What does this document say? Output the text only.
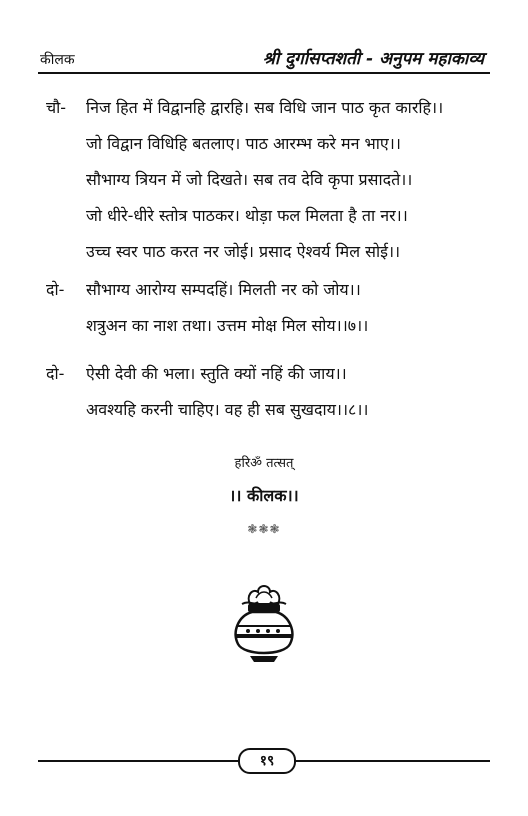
कीलक	श्री दुर्गासप्तशती - अनुपम महाकाव्य
चौ- निज हित में विद्वानहि द्वारहि। सब विधि जान पाठ कृत कारहि।।
जो विद्वान विधिहि बतलाए। पाठ आरम्भ करे मन भाए।।
सौभाग्य त्रियन में जो दिखते। सब तव देवि कृपा प्रसादते।।
जो धीरे-धीरे स्तोत्र पाठकर। थोड़ा फल मिलता है ता नर।।
उच्च स्वर पाठ करत नर जोई। प्रसाद ऐश्वर्य मिल सोई।।
दो- सौभाग्य आरोग्य सम्पदहिं। मिलती नर को जोय।।
शत्रुअन का नाश तथा। उत्तम मोक्ष मिल सोय।।७।।
दो- ऐसी देवी की भला। स्तुति क्यों नहिं की जाय।।
अवश्यहि करनी चाहिए। वह ही सब सुखदाय।।८।।
हरिॐ तत्सत्
।। कीलक।।
❃❃❃
१९
